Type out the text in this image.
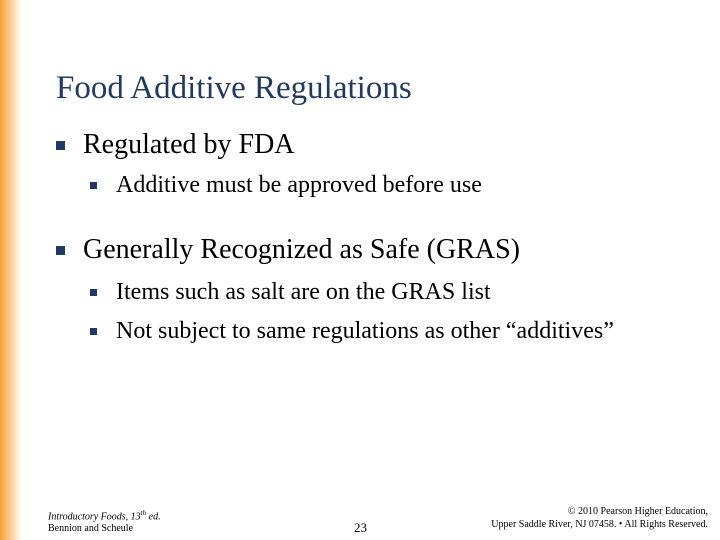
Food Additive Regulations
Regulated by FDA
Additive must be approved before use
Generally Recognized as Safe (GRAS)
Items such as salt are on the GRAS list
Not subject to same regulations as other “additives”
Introductory Foods, 13th ed.
Bennion and Scheule	23
© 2010 Pearson Higher Education,
Upper Saddle River, NJ 07458. • All Rights Reserved.
